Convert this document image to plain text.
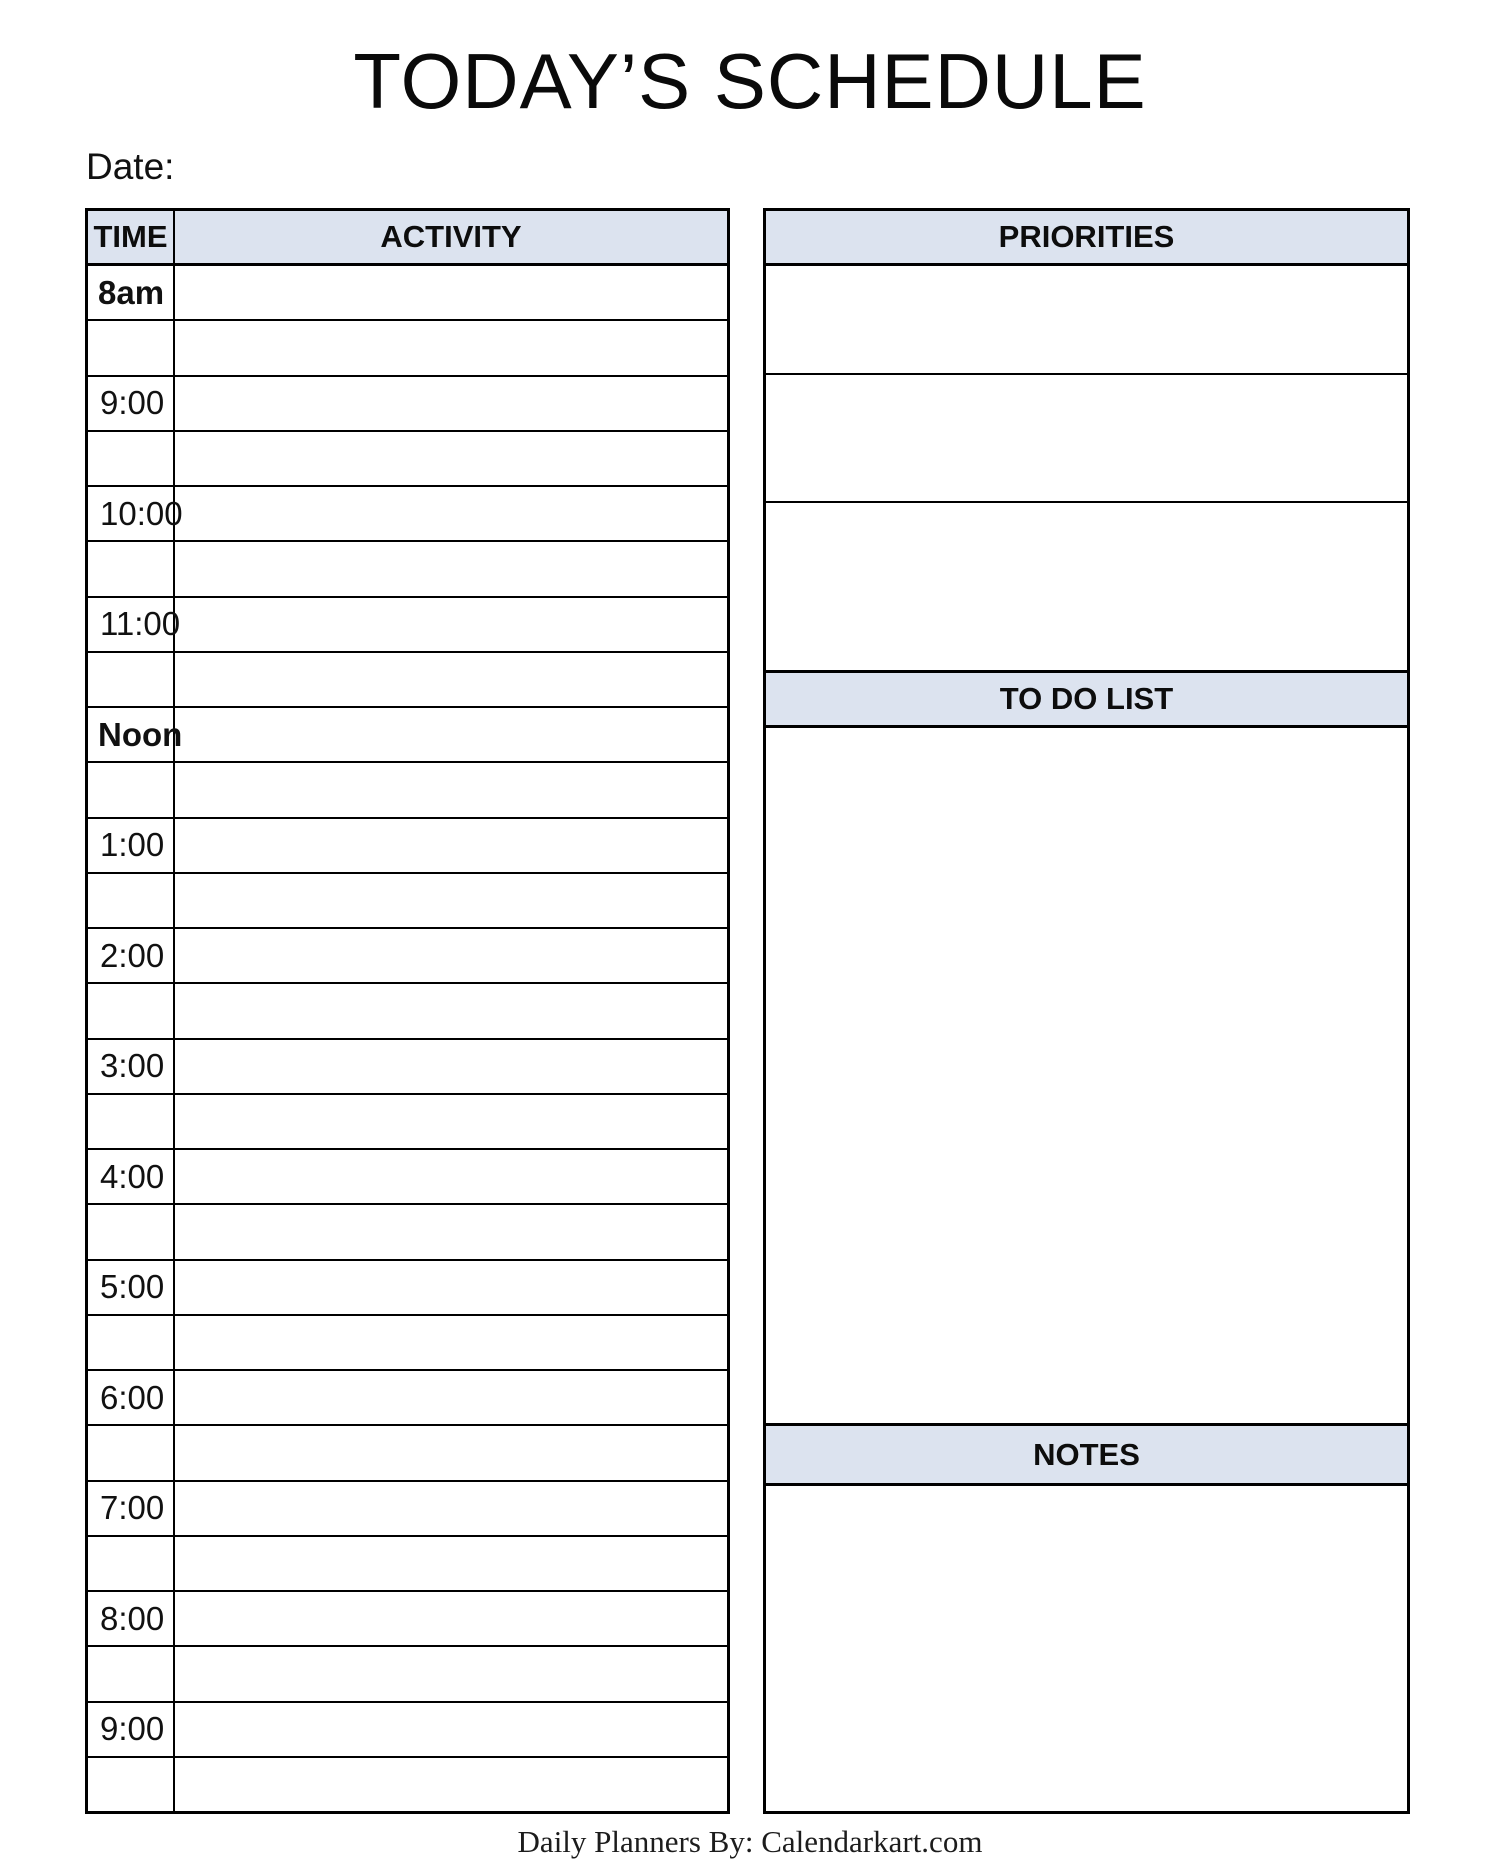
TODAY’S SCHEDULE
Date:
TIME	ACTIVITY
8am
9:00
10:00
11:00
Noon
1:00
2:00
3:00
4:00
5:00
6:00
7:00
8:00
9:00
PRIORITIES
TO DO LIST
NOTES
Daily Planners By: Calendarkart.com
